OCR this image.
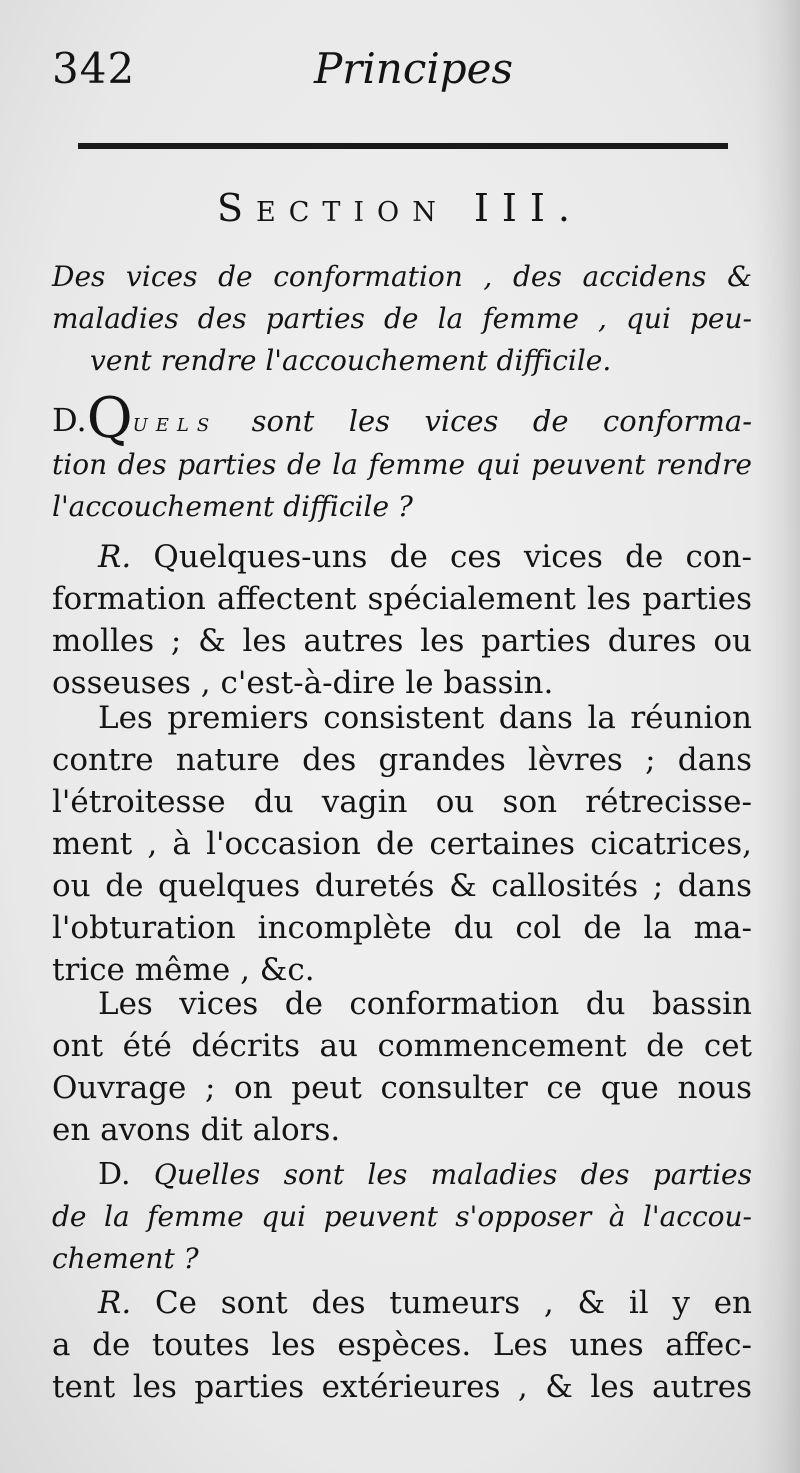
342	Principes
Section III.
Des vices de conformation , des accidens &
maladies des parties de la femme , qui peu-
vent rendre l'accouchement difficile.
D.Quels sont les vices de conforma-
tion des parties de la femme qui peuvent rendre
l'accouchement difficile ?
R. Quelques-uns de ces vices de con-
formation affectent spécialement les parties
molles ; & les autres les parties dures ou
osseuses , c'est-à-dire le bassin.
Les premiers consistent dans la réunion
contre nature des grandes lèvres ; dans
l'étroitesse du vagin ou son rétrecisse-
ment , à l'occasion de certaines cicatrices,
ou de quelques duretés & callosités ; dans
l'obturation incomplète du col de la ma-
trice même , &c.
Les vices de conformation du bassin
ont été décrits au commencement de cet
Ouvrage ; on peut consulter ce que nous
en avons dit alors.
D. Quelles sont les maladies des parties
de la femme qui peuvent s'opposer à l'accou-
chement ?
R. Ce sont des tumeurs , & il y en
a de toutes les espèces. Les unes affec-
tent les parties extérieures , & les autres
